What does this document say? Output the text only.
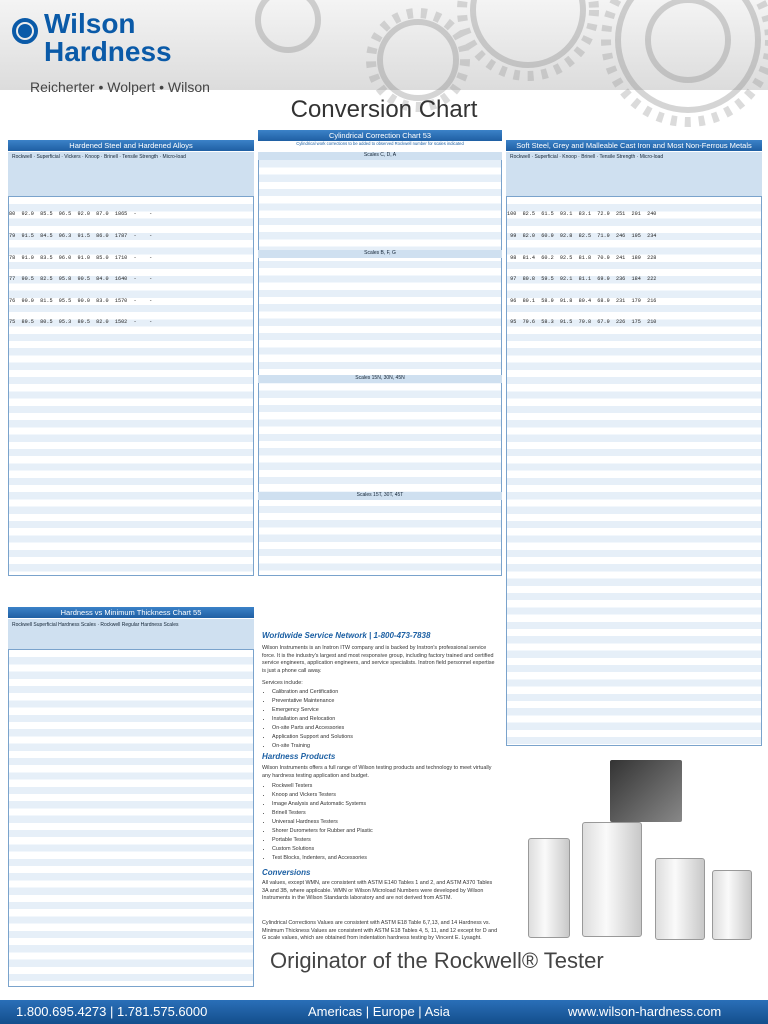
Wilson
Hardness
Reicherter • Wolpert • Wilson
Conversion Chart
Hardened Steel and Hardened Alloys
Rockwell · Superficial · Vickers · Knoop · Brinell · Tensile Strength · Micro-load

80  92.0  85.5  96.5  92.0  87.0  1865  -    -

79  91.5  84.5  96.3  91.5  86.0  1787  -    -

78  91.0  83.5  96.0  91.0  85.0  1710  -    -

77  90.5  82.5  95.8  90.5  84.0  1640  -    -

76  90.0  81.5  95.5  90.0  83.0  1570  -    -

75  89.5  80.5  95.3  89.5  82.0  1502  -    -

Cylindrical Correction Chart 53
Cylindrical work corrections to be added to observed Rockwell number for scales indicated
Scales C, D, A
Scales B, F, G
Scales 15N, 30N, 45N
Scales 15T, 30T, 45T
Soft Steel, Grey and Malleable Cast Iron and Most Non-Ferrous Metals
Rockwell · Superficial · Knoop · Brinell · Tensile Strength · Micro-load

100  82.5  61.5  93.1  83.1  72.9  251  201  240

99  82.0  60.9  92.8  82.5  71.9  246  195  234

98  81.4  60.2  92.5  81.8  70.9  241  189  228

97  80.8  59.5  92.1  81.1  69.9  236  184  222

96  80.1  58.9  91.8  80.4  68.9  231  179  216

95  79.6  58.3  91.5  79.8  67.9  226  175  210

Hardness vs Minimum Thickness Chart 55
Rockwell Superficial Hardness Scales · Rockwell Regular Hardness Scales
Worldwide Service Network | 1-800-473-7838
Wilson Instruments is an Instron ITW company and is backed by Instron's professional service force. It is the industry's largest and most responsive group, including factory trained and certified service engineers, application engineers, and service specialists. Instron field personnel expertise is just a phone call away.
Services include:
• Calibration and Certification
• Preventative Maintenance
• Emergency Service
• Installation and Relocation
• On-site Parts and Accessories
• Application Support and Solutions
• On-site Training
Hardness Products
Wilson Instruments offers a full range of Wilson testing products and technology to meet virtually any hardness testing application and budget.
• Rockwell Testers
• Knoop and Vickers Testers
• Image Analysis and Automatic Systems
• Brinell Testers
• Universal Hardness Testers
• Shorer Durometers for Rubber and Plastic
• Portable Testers
• Custom Solutions
• Test Blocks, Indenters, and Accessories
Conversions
All values, except WMN, are consistent with ASTM E140 Tables 1 and 2, and ASTM A370 Tables 3A and 3B, where applicable. WMN or Wilson Microload Numbers were developed by Wilson Instruments in the Wilson Standards laboratory and are not derived from ASTM.
Cylindrical Corrections Values are consistent with ASTM E18 Table 6,7,13, and 14 Hardness vs. Minimum Thickness Values are consistent with ASTM E18 Tables 4, 5, 11, and 12 except for D and G scale values, which are obtained from indentation hardness testing by Vincent E. Lysaght.
Originator of the Rockwell® Tester
1.800.695.4273 | 1.781.575.6000	Americas | Europe | Asia	www.wilson-hardness.com
